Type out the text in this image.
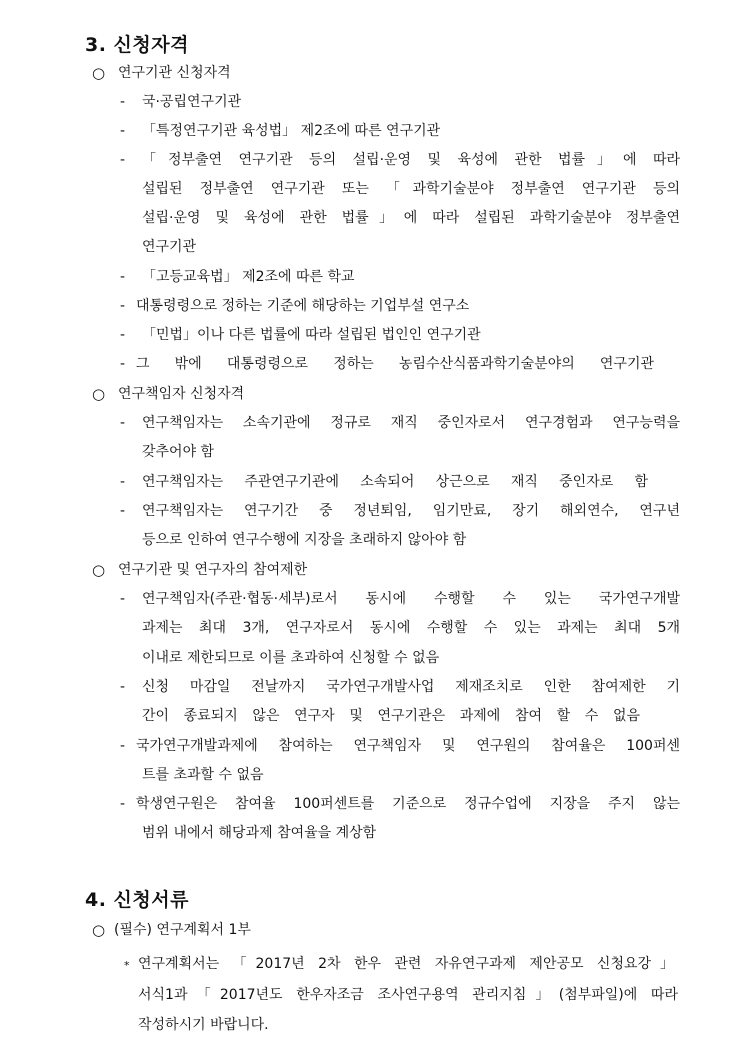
3. 신청자격
○ 연구기관 신청자격
- 국·공립연구기관
- 「특정연구기관 육성법」 제2조에 따른 연구기관
- 「정부출연 연구기관 등의 설립·운영 및 육성에 관한 법률」에 따라
설립된 정부출연 연구기관 또는 「과학기술분야 정부출연 연구기관 등의
설립·운영 및 육성에 관한 법률」에 따라 설립된 과학기술분야 정부출연
연구기관
- 「고등교육법」 제2조에 따른 학교
- 대통령령으로 정하는 기준에 해당하는 기업부설 연구소
- 「민법」이나 다른 법률에 따라 설립된 법인인 연구기관
- 그 밖에 대통령령으로 정하는 농림수산식품과학기술분야의 연구기관
○ 연구책임자 신청자격
- 연구책임자는 소속기관에 정규로 재직 중인자로서 연구경험과 연구능력을
갖추어야 함
- 연구책임자는 주관연구기관에 소속되어 상근으로 재직 중인자로 함
- 연구책임자는 연구기간 중 정년퇴임, 임기만료, 장기 해외연수, 연구년
등으로 인하여 연구수행에 지장을 초래하지 않아야 함
○ 연구기관 및 연구자의 참여제한
- 연구책임자(주관·협동·세부)로서 동시에 수행할 수 있는 국가연구개발
과제는 최대 3개, 연구자로서 동시에 수행할 수 있는 과제는 최대 5개
이내로 제한되므로 이를 초과하여 신청할 수 없음
- 신청 마감일 전날까지 국가연구개발사업 제재조치로 인한 참여제한 기
간이 종료되지 않은 연구자 및 연구기관은 과제에 참여 할 수 없음
- 국가연구개발과제에 참여하는 연구책임자 및 연구원의 참여율은 100퍼센
트를 초과할 수 없음
- 학생연구원은 참여율 100퍼센트를 기준으로 정규수업에 지장을 주지 않는
범위 내에서 해당과제 참여율을 계상함
4. 신청서류
○ (필수) 연구계획서 1부
* 연구계획서는 「2017년 2차 한우 관련 자유연구과제 제안공모 신청요강」
서식1과「2017년도 한우자조금 조사연구용역 관리지침」(첨부파일)에 따라
작성하시기 바랍니다.
